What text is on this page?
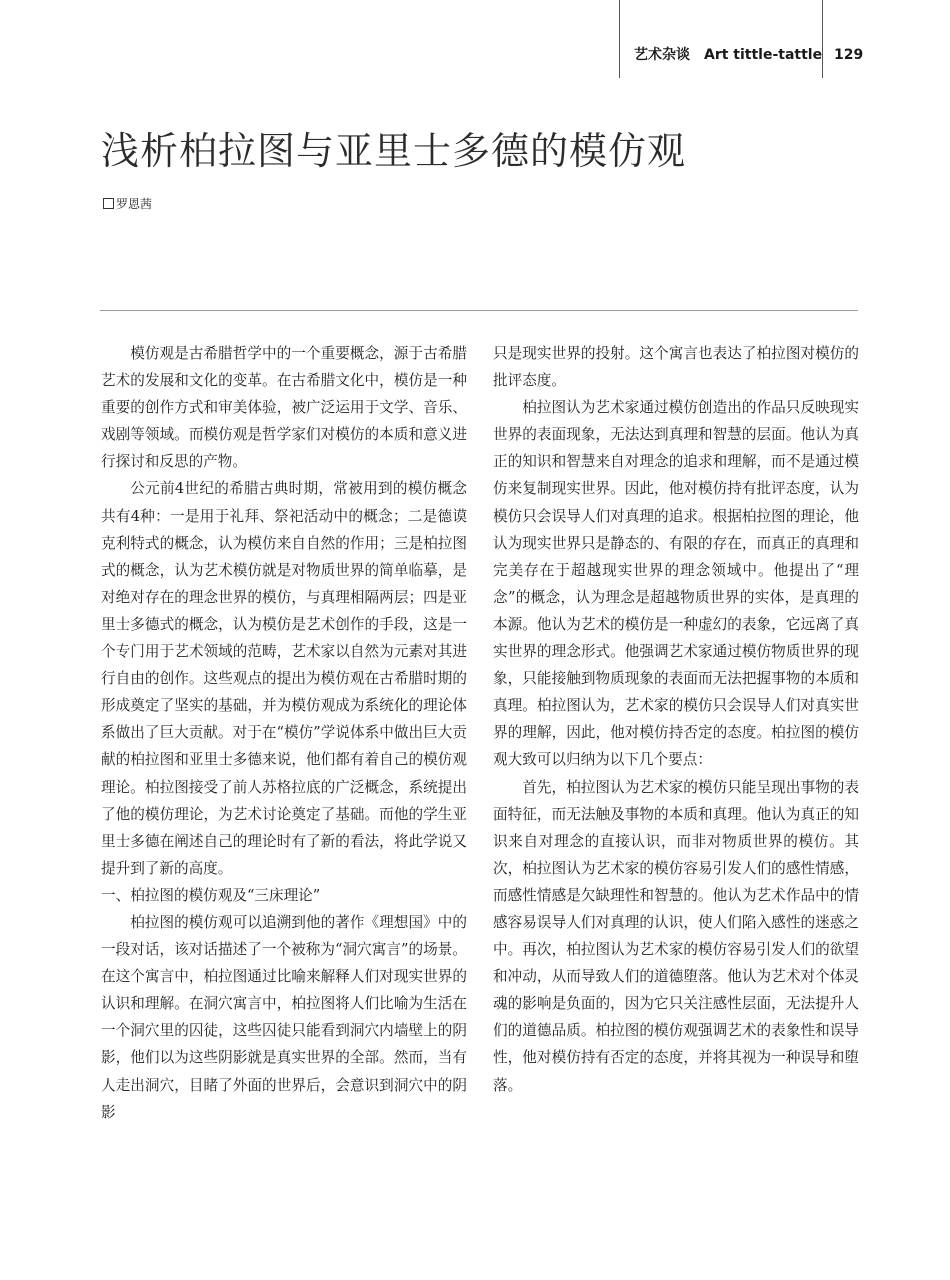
艺术杂谈 Art tittle-tattle 129
浅析柏拉图与亚里士多德的模仿观
罗恩茜

模仿观是古希腊哲学中的一个重要概念，源于古希腊艺术的发展和文化的变革。在古希腊文化中，模仿是一种重要的创作方式和审美体验，被广泛运用于文学、音乐、戏剧等领域。而模仿观是哲学家们对模仿的本质和意义进行探讨和反思的产物。

公元前4世纪的希腊古典时期，常被用到的模仿概念共有4种：一是用于礼拜、祭祀活动中的概念；二是德谟克利特式的概念，认为模仿来自自然的作用；三是柏拉图式的概念，认为艺术模仿就是对物质世界的简单临摹，是对绝对存在的理念世界的模仿，与真理相隔两层；四是亚里士多德式的概念，认为模仿是艺术创作的手段，这是一个专门用于艺术领域的范畴，艺术家以自然为元素对其进行自由的创作。这些观点的提出为模仿观在古希腊时期的形成奠定了坚实的基础，并为模仿观成为系统化的理论体系做出了巨大贡献。对于在“模仿”学说体系中做出巨大贡献的柏拉图和亚里士多德来说，他们都有着自己的模仿观理论。柏拉图接受了前人苏格拉底的广泛概念，系统提出了他的模仿理论，为艺术讨论奠定了基础。而他的学生亚里士多德在阐述自己的理论时有了新的看法，将此学说又提升到了新的高度。

一、柏拉图的模仿观及“三床理论”

柏拉图的模仿观可以追溯到他的著作《理想国》中的一段对话，该对话描述了一个被称为“洞穴寓言”的场景。在这个寓言中，柏拉图通过比喻来解释人们对现实世界的认识和理解。在洞穴寓言中，柏拉图将人们比喻为生活在一个洞穴里的囚徒，这些囚徒只能看到洞穴内墙壁上的阴影，他们以为这些阴影就是真实世界的全部。然而，当有人走出洞穴，目睹了外面的世界后，会意识到洞穴中的阴影

只是现实世界的投射。这个寓言也表达了柏拉图对模仿的批评态度。

柏拉图认为艺术家通过模仿创造出的作品只反映现实世界的表面现象，无法达到真理和智慧的层面。他认为真正的知识和智慧来自对理念的追求和理解，而不是通过模仿来复制现实世界。因此，他对模仿持有批评态度，认为模仿只会误导人们对真理的追求。根据柏拉图的理论，他认为现实世界只是静态的、有限的存在，而真正的真理和完美存在于超越现实世界的理念领域中。他提出了“理念”的概念，认为理念是超越物质世界的实体，是真理的本源。他认为艺术的模仿是一种虚幻的表象，它远离了真实世界的理念形式。他强调艺术家通过模仿物质世界的现象，只能接触到物质现象的表面而无法把握事物的本质和真理。柏拉图认为，艺术家的模仿只会误导人们对真实世界的理解，因此，他对模仿持否定的态度。柏拉图的模仿观大致可以归纳为以下几个要点：

首先，柏拉图认为艺术家的模仿只能呈现出事物的表面特征，而无法触及事物的本质和真理。他认为真正的知识来自对理念的直接认识，而非对物质世界的模仿。其次，柏拉图认为艺术家的模仿容易引发人们的感性情感，而感性情感是欠缺理性和智慧的。他认为艺术作品中的情感容易误导人们对真理的认识，使人们陷入感性的迷惑之中。再次，柏拉图认为艺术家的模仿容易引发人们的欲望和冲动，从而导致人们的道德堕落。他认为艺术对个体灵魂的影响是负面的，因为它只关注感性层面，无法提升人们的道德品质。柏拉图的模仿观强调艺术的表象性和误导性，他对模仿持有否定的态度，并将其视为一种误导和堕落。
